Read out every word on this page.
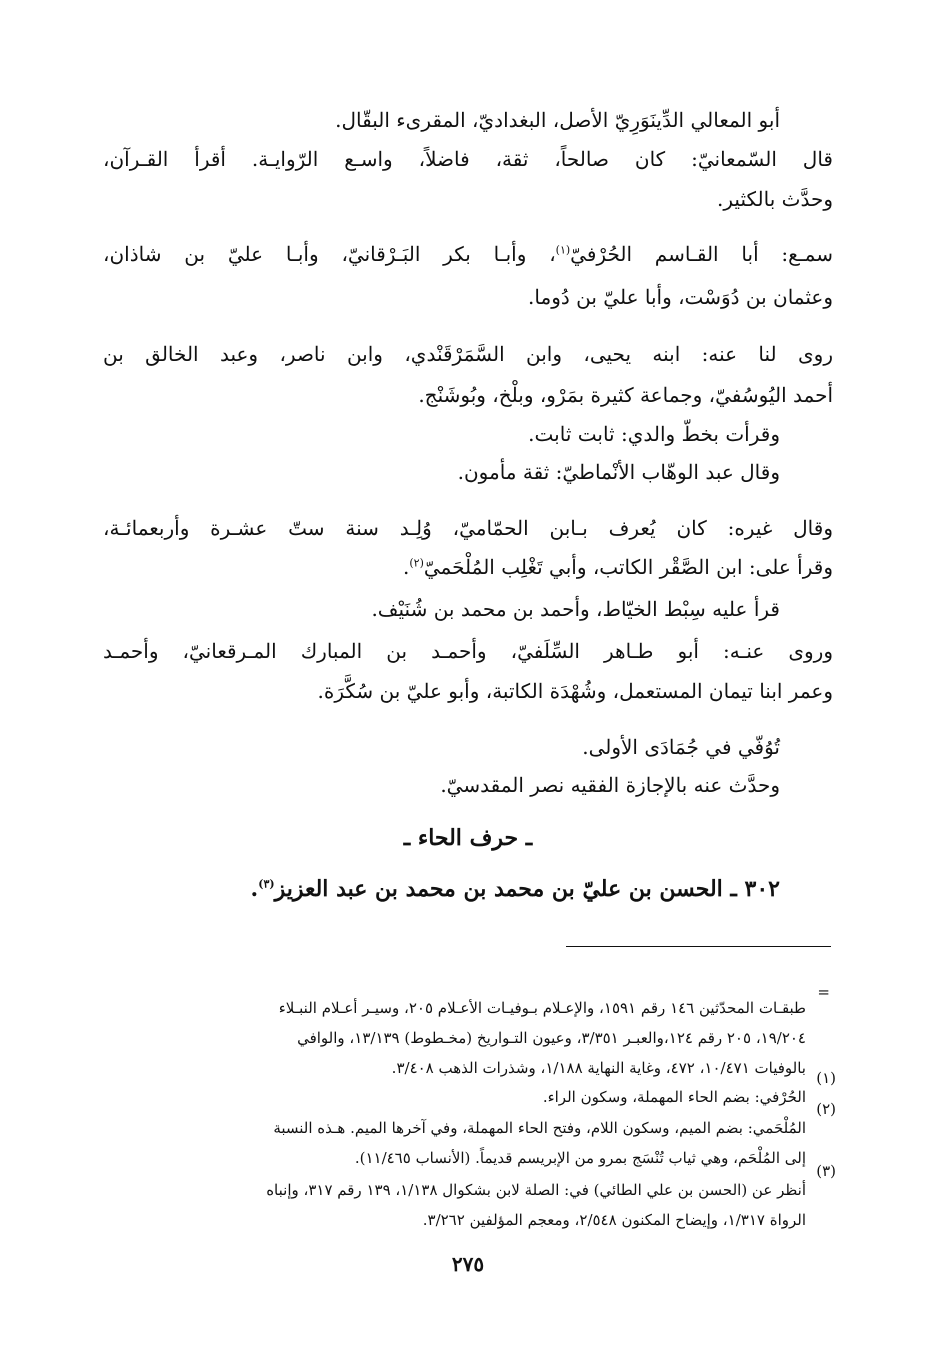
أبو المعالي الدِّينَوَرِيّ الأصل، البغداديّ، المقرىء البقّال.

قال السّمعانيّ: كان صالحاً، ثقة، فاضلاً، واسـع الرّوايـة. أقرأ القـرآن،

وحدَّث بالكثير.

سمـع: أبا القـاسم الحُرْفيّ$^{(١)}$، وأبـا بكر البَـرْقانيّ، وأبـا عليّ بن شاذان،

وعثمان بن دُوَسْت، وأبا عليّ بن دُوما.

روى لنا عنه: ابنه يحيى، وابن السَّمَرْقَنْدي، وابن ناصر، وعبد الخالق بن

أحمد اليُوسُفيّ، وجماعة كثيرة بمَرْو، وبلْخ، وبُوشَنْج.

وقرأت بخطّ والدي: ثابت ثابت.

وقال عبد الوهّاب الأنْماطيّ: ثقة مأمون.

وقال غيره: كان يُعرف بـابن الحمّاميّ، وُلِـد سنة ستّ عشـرة وأربعمائـة،

وقرأ على: ابن الصَّقْر الكاتب، وأبي تَغْلِب المُلْحَميّ$^{(٢)}$.

قرأ عليه سِبْط الخيّاط، وأحمد بن محمد بن شُنَيْف.

وروى عنـه: أبو طـاهر السِّلَفيّ، وأحمـد بن المبارك المـرقعانيّ، وأحمـد

وعمر ابنا تيمان المستعمل، وشُهْدَة الكاتبة، وأبو عليّ بن سُكَّرَة.

تُوُفّي في جُمَادَى الأولى.

وحدَّث عنه بالإجازة الفقيه نصر المقدسيّ.

ـ حرف الحاء ـ

٣٠٢ ـ الحسن بن عليّ بن محمد بن محمد بن عبد العزيز$^{(٣)}$.

=

طبقـات المحدّثين ١٤٦ رقم ١٥٩١، والإعـلام بـوفيـات الأعـلام ٢٠٥، وسيـر أعـلام النبـلاء

١٩/٢٠٤، ٢٠٥ رقم ١٢٤،والعبـر ٣/٣٥١، وعيون التـواريخ (مخـطوط) ١٣/١٣٩، والوافي

بالوفيات ١٠/٤٧١، ٤٧٢، وغاية النهاية ١/١٨٨، وشذرات الذهب ٣/٤٠٨.

(١)

الحُرْفي: بضم الحاء المهملة، وسكون الراء.

(٢)

المُلْحَمي: بضم الميم، وسكون اللام، وفتح الحاء المهملة، وفي آخرها الميم. هـذه النسبة

إلى المُلْحَم، وهي ثياب تُنْسَج بمرو من الإبريسم قديماً. (الأنساب ١١/٤٦٥).

(٣)

أنظر عن (الحسن بن علي الطائي) في: الصلة لابن بشكوال ١/١٣٨، ١٣٩ رقم ٣١٧، وإنباه

الرواة ١/٣١٧، وإيضاح المكنون ٢/٥٤٨، ومعجم المؤلفين ٣/٢٦٢.

٢٧٥
